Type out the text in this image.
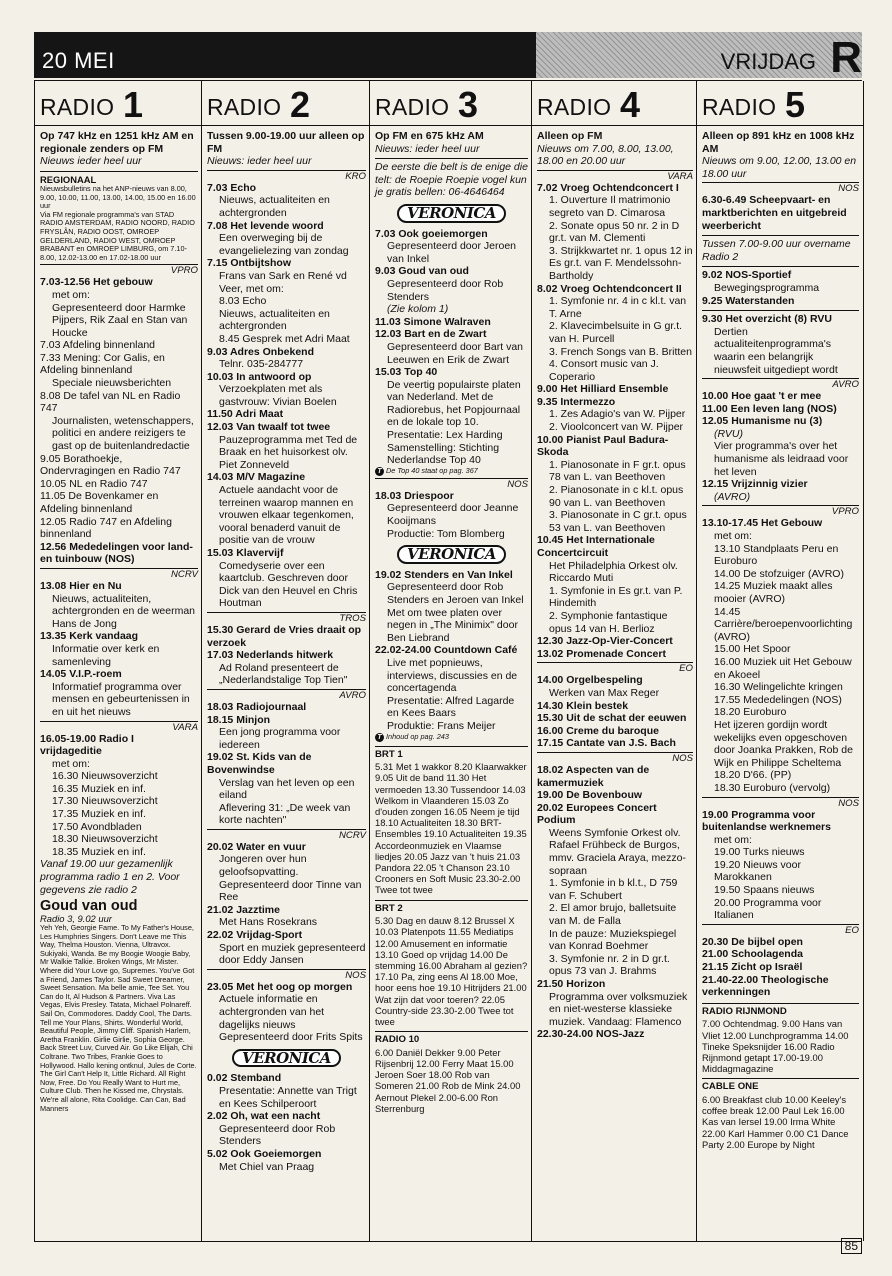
20 MEI	VRIJDAG R
RADIO 1
Op 747 kHz en 1251 kHz AM en regionale zenders op FM
Nieuws ieder heel uur
REGIONAAL
Nieuwsbulletins na het ANP-nieuws van 8.00, 9.00, 10.00, 11.00, 13.00, 14.00, 15.00 en 16.00 uur
Via FM regionale programma's van STAD RADIO AMSTERDAM, RADIO NOORD, RADIO FRYSLÂN, RADIO OOST, OMROEP GELDERLAND, RADIO WEST, OMROEP BRABANT en OMROEP LIMBURG, om 7.10-8.00, 12.02-13.00 en 17.02-18.00 uur
VPRO
7.03-12.56 Het gebouw
met om:
Gepresenteerd door Harmke Pijpers, Rik Zaal en Stan van Houcke
7.03 Afdeling binnenland
7.33 Mening: Cor Galis, en Afdeling binnenland
Speciale nieuwsberichten
8.08 De tafel van NL en Radio 747
Journalisten, wetenschappers, politici en andere reizigers te gast op de buitenlandredactie
9.05 Borathoekje, Ondervragingen en Radio 747
10.05 NL en Radio 747
11.05 De Bovenkamer en Afdeling binnenland
12.05 Radio 747 en Afdeling binnenland
12.56 Mededelingen voor land- en tuinbouw (NOS)
NCRV
13.08 Hier en Nu
Nieuws, actualiteiten, achtergronden en de weerman Hans de Jong
13.35 Kerk vandaag
Informatie over kerk en samenleving
14.05 V.I.P.-roem
Informatief programma over mensen en gebeurtenissen in en uit het nieuws
VARA
16.05-19.00 Radio I vrijdageditie
met om:
16.30 Nieuwsoverzicht
16.35 Muziek en inf.
17.30 Nieuwsoverzicht
17.35 Muziek en inf.
17.50 Avondbladen
18.30 Nieuwsoverzicht
18.35 Muziek en inf.
Vanaf 19.00 uur gezamenlijk programma radio 1 en 2. Voor gegevens zie radio 2
Goud van oud
Radio 3, 9.02 uur
Yeh Yeh, Georgie Fame. To My Father's House, Les Humphries Singers. Don't Leave me This Way, Thelma Houston. Vienna, Ultravox. Sukiyaki, Wanda. Be my Boogie Woogie Baby, Mr Walkie Talkie. Broken Wings, Mr Mister. Where did Your Love go, Supremes. You've Got a Friend, James Taylor. Sad Sweet Dreamer, Sweet Sensation. Ma belle amie, Tee Set. You Can do It, Al Hudson & Partners. Viva Las Vegas, Elvis Presley. Tatata, Michael Polnareff. Sail On, Commodores. Daddy Cool, The Darts. Tell me Your Plans, Shirts. Wonderful World, Beautiful People, Jimmy Cliff. Spanish Harlem, Aretha Franklin. Girlie Girlie, Sophia George. Back Street Luv, Curved Air. Go Like Elijah, Chi Coltrane. Two Tribes, Frankie Goes to Hollywood. Hallo kening ontknul, Jules de Corte. The Girl Can't Help It, Little Richard. All Right Now, Free. Do You Really Want to Hurt me, Culture Club. Then he Kissed me, Chrystals. We're all alone, Rita Coolidge. Can Can, Bad Manners
RADIO 2
Tussen 9.00-19.00 uur alleen op FM
Nieuws: ieder heel uur
KRO
7.03 Echo
Nieuws, actualiteiten en achtergronden
7.08 Het levende woord
Een overweging bij de evangelielezing van zondag
7.15 Ontbijtshow
Frans van Sark en René vd Veer, met om:
8.03 Echo
Nieuws, actualiteiten en achtergronden
8.45 Gesprek met Adri Maat
9.03 Adres Onbekend
Telnr. 035-284777
10.03 In antwoord op
Verzoekplaten met als gastvrouw: Vivian Boelen
11.50 Adri Maat
12.03 Van twaalf tot twee
Pauzeprogramma met Ted de Braak en het huisorkest olv. Piet Zonneveld
14.03 M/V Magazine
Actuele aandacht voor de terreinen waarop mannen en vrouwen elkaar tegenkomen, vooral benaderd vanuit de positie van de vrouw
15.03 Klavervijf
Comedyserie over een kaartclub. Geschreven door Dick van den Heuvel en Chris Houtman
TROS
15.30 Gerard de Vries draait op verzoek
17.03 Nederlands hitwerk
Ad Roland presenteert de „Nederlandstalige Top Tien"
AVRO
18.03 Radiojournaal
18.15 Minjon
Een jong programma voor iedereen
19.02 St. Kids van de Bovenwindse
Verslag van het leven op een eiland
Aflevering 31: „De week van korte nachten"
NCRV
20.02 Water en vuur
Jongeren over hun geloofsopvatting. Gepresenteerd door Tinne van Ree
21.02 Jazztime
Met Hans Rosekrans
22.02 Vrijdag-Sport
Sport en muziek gepresenteerd door Eddy Jansen
NOS
23.05 Met het oog op morgen
Actuele informatie en achtergronden van het dagelijks nieuws
Gepresenteerd door Frits Spits
VERONICA
0.02 Stemband
Presentatie: Annette van Trigt en Kees Schilperoort
2.02 Oh, wat een nacht
Gepresenteerd door Rob Stenders
5.02 Ook Goeiemorgen
Met Chiel van Praag
RADIO 3
Op FM en 675 kHz AM
Nieuws: ieder heel uur
De eerste die belt is de enige die telt: de Roepie Roepie vogel kun je gratis bellen: 06-4646464
VERONICA
7.03 Ook goeiemorgen
Gepresenteerd door Jeroen van Inkel
9.03 Goud van oud
Gepresenteerd door Rob Stenders
(Zie kolom 1)
11.03 Simone Walraven
12.03 Bart en de Zwart
Gepresenteerd door Bart van Leeuwen en Erik de Zwart
15.03 Top 40
De veertig populairste platen van Nederland. Met de Radiorebus, het Popjournaal en de lokale top 10. Presentatie: Lex Harding Samenstelling: Stichting Nederlandse Top 40
T De Top 40 staat op pag. 367
NOS
18.03 Driespoor
Gepresenteerd door Jeanne Kooijmans
Productie: Tom Blomberg
VERONICA
19.02 Stenders en Van Inkel
Gepresenteerd door Rob Stenders en Jeroen van Inkel
Met om twee platen over negen in „The Minimix" door Ben Liebrand
22.02-24.00 Countdown Café
Live met popnieuws, interviews, discussies en de concertagenda
Presentatie: Alfred Lagarde en Kees Baars
Produktie: Frans Meijer
T Inhoud op pag. 243
BRT 1
5.31 Met 1 wakkor 8.20 Klaarwakker 9.05 Uit de band 11.30 Het vermoeden 13.30 Tussendoor 14.03 Welkom in Vlaanderen 15.03 Zo d'ouden zongen 16.05 Neem je tijd 18.10 Actualiteiten 18.30 BRT-Ensembles 19.10 Actualiteiten 19.35 Accordeonmuziek en Vlaamse liedjes 20.05 Jazz van 't huis 21.03 Pandora 22.05 't Chanson 23.10 Crooners en Soft Music 23.30-2.00 Twee tot twee
BRT 2
5.30 Dag en dauw 8.12 Brussel X 10.03 Platenpots 11.55 Mediatips 12.00 Amusement en informatie 13.10 Goed op vrijdag 14.00 De stemming 16.00 Abraham al gezien? 17.10 Pa, zing eens Al 18.00 Moe, hoor eens hoe 19.10 Hitrijders 21.00 Wat zijn dat voor toeren? 22.05 Country-side 23.30-2.00 Twee tot twee
RADIO 10
6.00 Daniël Dekker 9.00 Peter Rijsenbrij 12.00 Ferry Maat 15.00 Jeroen Soer 18.00 Rob van Someren 21.00 Rob de Mink 24.00 Aernout Plekel 2.00-6.00 Ron Sterrenburg
RADIO 4
Alleen op FM
Nieuws om 7.00, 8.00, 13.00, 18.00 en 20.00 uur
VARA
7.02 Vroeg Ochtendconcert I
1. Ouverture Il matrimonio segreto van D. Cimarosa
2. Sonate opus 50 nr. 2 in D gr.t. van M. Clementi
3. Strijkkwartet nr. 1 opus 12 in Es gr.t. van F. Mendelssohn-Bartholdy
8.02 Vroeg Ochtendconcert II
1. Symfonie nr. 4 in c kl.t. van T. Arne
2. Klavecimbelsuite in G gr.t. van H. Purcell
3. French Songs van B. Britten
4. Consort music van J. Coperario
9.00 Het Hilliard Ensemble
9.35 Intermezzo
1. Zes Adagio's van W. Pijper
2. Vioolconcert van W. Pijper
10.00 Pianist Paul Badura-Skoda
1. Pianosonate in F gr.t. opus 78 van L. van Beethoven
2. Pianosonate in c kl.t. opus 90 van L. van Beethoven
3. Pianosonate in C gr.t. opus 53 van L. van Beethoven
10.45 Het Internationale Concertcircuit
Het Philadelphia Orkest olv. Riccardo Muti
1. Symfonie in Es gr.t. van P. Hindemith
2. Symphonie fantastique opus 14 van H. Berlioz
12.30 Jazz-Op-Vier-Concert
13.02 Promenade Concert
EO
14.00 Orgelbespeling
Werken van Max Reger
14.30 Klein bestek
15.30 Uit de schat der eeuwen
16.00 Creme du baroque
17.15 Cantate van J.S. Bach
NOS
18.02 Aspecten van de kamermuziek
19.00 De Bovenbouw
20.02 Europees Concert Podium
Weens Symfonie Orkest olv. Rafael Frühbeck de Burgos, mmv. Graciela Araya, mezzo-sopraan
1. Symfonie in b kl.t., D 759 van F. Schubert
2. El amor brujo, balletsuite van M. de Falla
In de pauze: Muziekspiegel van Konrad Boehmer
3. Symfonie nr. 2 in D gr.t. opus 73 van J. Brahms
21.50 Horizon
Programma over volksmuziek en niet-westerse klassieke muziek. Vandaag: Flamenco
22.30-24.00 NOS-Jazz
RADIO 5
Alleen op 891 kHz en 1008 kHz AM
Nieuws om 9.00, 12.00, 13.00 en 18.00 uur
NOS
6.30-6.49 Scheepvaart- en marktberichten en uitgebreid weerbericht
Tussen 7.00-9.00 uur overname Radio 2
9.02 NOS-Sportief
Bewegingsprogramma
9.25 Waterstanden
9.30 Het overzicht (8) RVU
Dertien actualiteitenprogramma's waarin een belangrijk nieuwsfeit uitgediept wordt
AVRO
10.00 Hoe gaat 't er mee
11.00 Een leven lang (NOS)
12.05 Humanisme nu (3)
(RVU)
Vier programma's over het humanisme als leidraad voor het leven
12.15 Vrijzinnig vizier
(AVRO)
VPRO
13.10-17.45 Het Gebouw
met om:
13.10 Standplaats Peru en Euroburo
14.00 De stofzuiger (AVRO)
14.25 Muziek maakt alles mooier (AVRO)
14.45 Carrière/beroepenvoorlichting (AVRO)
15.00 Het Spoor
16.00 Muziek uit Het Gebouw en Akoeel
16.30 Welingelichte kringen
17.55 Mededelingen (NOS)
18.20 Euroburo
Het ijzeren gordijn wordt wekelijks even opgeschoven door Joanka Prakken, Rob de Wijk en Philippe Scheltema
18.20 D'66. (PP)
18.30 Euroburo (vervolg)
NOS
19.00 Programma voor buitenlandse werknemers
met om:
19.00 Turks nieuws
19.20 Nieuws voor Marokkanen
19.50 Spaans nieuws
20.00 Programma voor Italianen
EO
20.30 De bijbel open
21.00 Schoolagenda
21.15 Zicht op Israël
21.40-22.00 Theologische verkenningen
RADIO RIJNMOND
7.00 Ochtendmag. 9.00 Hans van Vliet 12.00 Lunchprogramma 14.00 Tineke Speksnijder 16.00 Radio Rijnmond getapt 17.00-19.00 Middagmagazine
CABLE ONE
6.00 Breakfast club 10.00 Keeley's coffee break 12.00 Paul Lek 16.00 Kas van Iersel 19.00 Irma White 22.00 Karl Hammer 0.00 C1 Dance Party 2.00 Europe by Night
85
